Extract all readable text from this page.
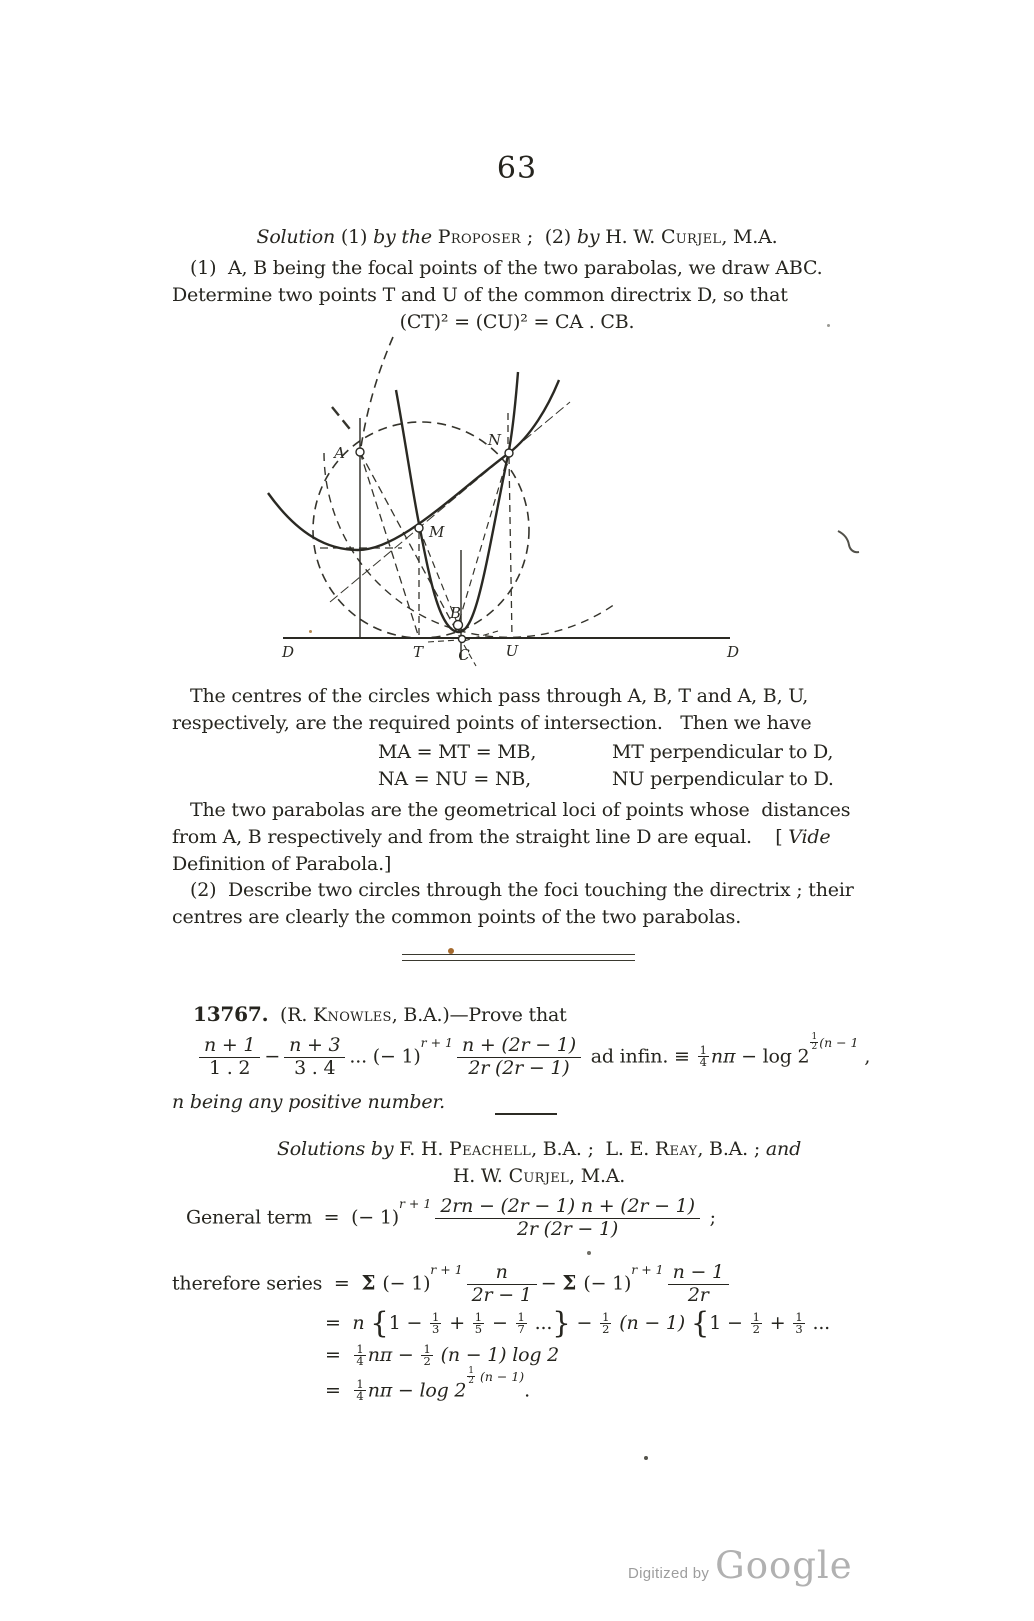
63
Solution (1) by the Proposer ;  (2) by H. W. Curjel, M.A.
(1)  A, B being the focal points of the two parabolas, we draw ABC.
Determine two points T and U of the common directrix D, so that
(CT)² = (CU)² = CA . CB.
A
N
M
B
C
T	U
D	D
The centres of the circles which pass through A, B, T and A, B, U,
respectively, are the required points of intersection.   Then we have
MA = MT = MB,	MT perpendicular to D,
NA = NU = NB,	NU perpendicular to D.
The two parabolas are the geometrical loci of points whose  distances
from A, B respectively and from the straight line D are equal.    [ Vide
Definition of Parabola.]
(2)  Describe two circles through the foci touching the directrix ; their
centres are clearly the common points of the two parabolas.
13767.  (R. Knowles, B.A.)—Prove that
$\frac{n + 1}{1 . 2} - \frac{n + 3}{3 . 4}$ ... (− $1)^{r + 1} \frac{n + (2r - 1)}{2r (2r - 1)}$ ad infin. ≡ $\frac{1}{4}$ nπ − log 2
$^{\frac{1}{2} (n - 1}$ ,
n being any positive number.
Solutions by F. H. Peachell, B.A. ;  L. E. Reay, B.A. ; and
H. W. Curjel, M.A.
General term  =  (− $1)^{r + 1} \frac{2rn - (2r - 1) n + (2r - 1)}{2r (2r - 1)}$ ;
therefore series  =  Σ (− $1)^{r + 1} \frac{n}{2r - 1} - \Sigma$ (− $1)^{r + 1} \frac{n - 1}{2r}$
=  n {$1 - \frac{1}{3} + \frac{1}{5} - \frac{1}{7}$ ...} − $\frac{1}{2} (n - 1) \{1 - \frac{1}{2} + \frac{1}{3}$ ...
= $\frac{1}{4}$ $n\pi - \frac{1}{2} (n - 1)$ log 2
= $\frac{1}{4}$ nπ − log 2
$^{\frac{1}{2} (n - 1)}$.
Digitized by Google
